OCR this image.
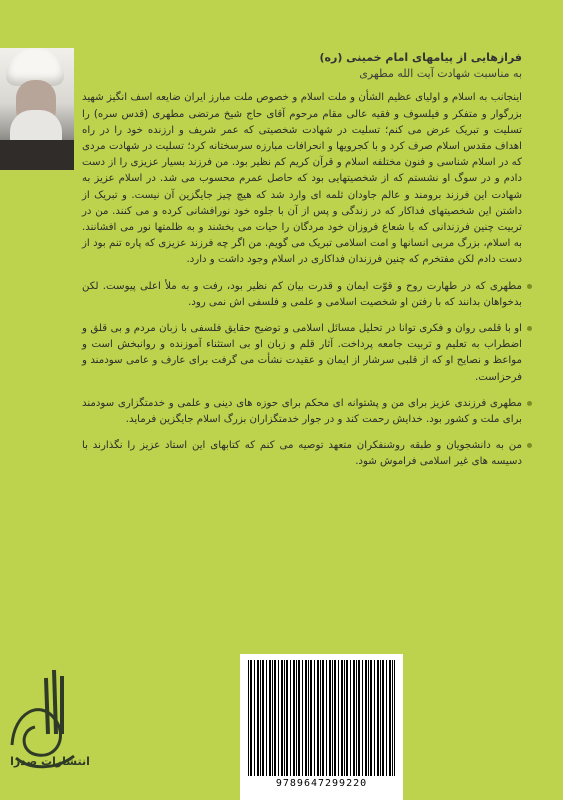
فرازهایی از پیامهای امام خمینی (ره)

به مناسبت شهادت آیت الله مطهری

اینجانب به اسلام و اولیای عظیم الشأن و ملت اسلام و خصوص ملت مبارز ایران ضایعه اسف انگیز شهید بزرگوار و متفکر و فیلسوف و فقیه عالی مقام مرحوم آقای حاج شیخ مرتضی مطهری (قدس سره) را تسلیت و تبریک عرض می کنم؛ تسلیت در شهادت شخصیتی که عمر شریف و ارزنده خود را در راه اهداف مقدس اسلام صرف کرد و با کجرویها و انحرافات مبارزه سرسختانه کرد؛ تسلیت در شهادت مردی که در اسلام شناسی و فنون مختلفه اسلام و قرآن کریم کم نظیر بود. من فرزند بسیار عزیزی را از دست دادم و در سوگ او نشستم که از شخصیتهایی بود که حاصل عمرم محسوب می شد. در اسلام عزیز به شهادت این فرزند برومند و عالم جاودان ثلمه ای وارد شد که هیچ چیز جایگزین آن نیست. و تبریک از داشتن این شخصیتهای فداکار که در زندگی و پس از آن با جلوه خود نورافشانی کرده و می کنند. من در تربیت چنین فرزندانی که با شعاع فروزان خود مردگان را حیات می بخشند و به ظلمتها نور می افشانند. به اسلام، بزرگ مربی انسانها و امت اسلامی تبریک می گویم. من اگر چه فرزند عزیزی که پاره تنم بود از دست دادم لکن مفتخرم که چنین فرزندان فداکاری در اسلام وجود داشت و دارد.

مطهری که در طهارت روح و قوّت ایمان و قدرت بیان کم نظیر بود، رفت و به ملأ اعلی پیوست. لکن بدخواهان بدانند که با رفتن او شخصیت اسلامی و علمی و فلسفی اش نمی رود.

او با قلمی روان و فکری توانا در تحلیل مسائل اسلامی و توضیح حقایق فلسفی با زبان مردم و بی قلق و اضطراب به تعلیم و تربیت جامعه پرداخت. آثار قلم و زبان او بی استثناء آموزنده و روانبخش است و مواعظ و نصایح او که از قلبی سرشار از ایمان و عقیدت نشأت می گرفت برای عارف و عامی سودمند و فرحزاست.

مطهری فرزندی عزیز برای من و پشتوانه ای محکم برای حوزه های دینی و علمی و خدمتگزاری سودمند برای ملت و کشور بود. خدایش رحمت کند و در جوار خدمتگزاران بزرگ اسلام جایگزین فرماید.

من به دانشجویان و طبقه روشنفکران متعهد توصیه می کنم که کتابهای این استاد عزیز را نگذارند با دسیسه های غیر اسلامی فراموش شود.

انتشارات صدرا
9789647299220
